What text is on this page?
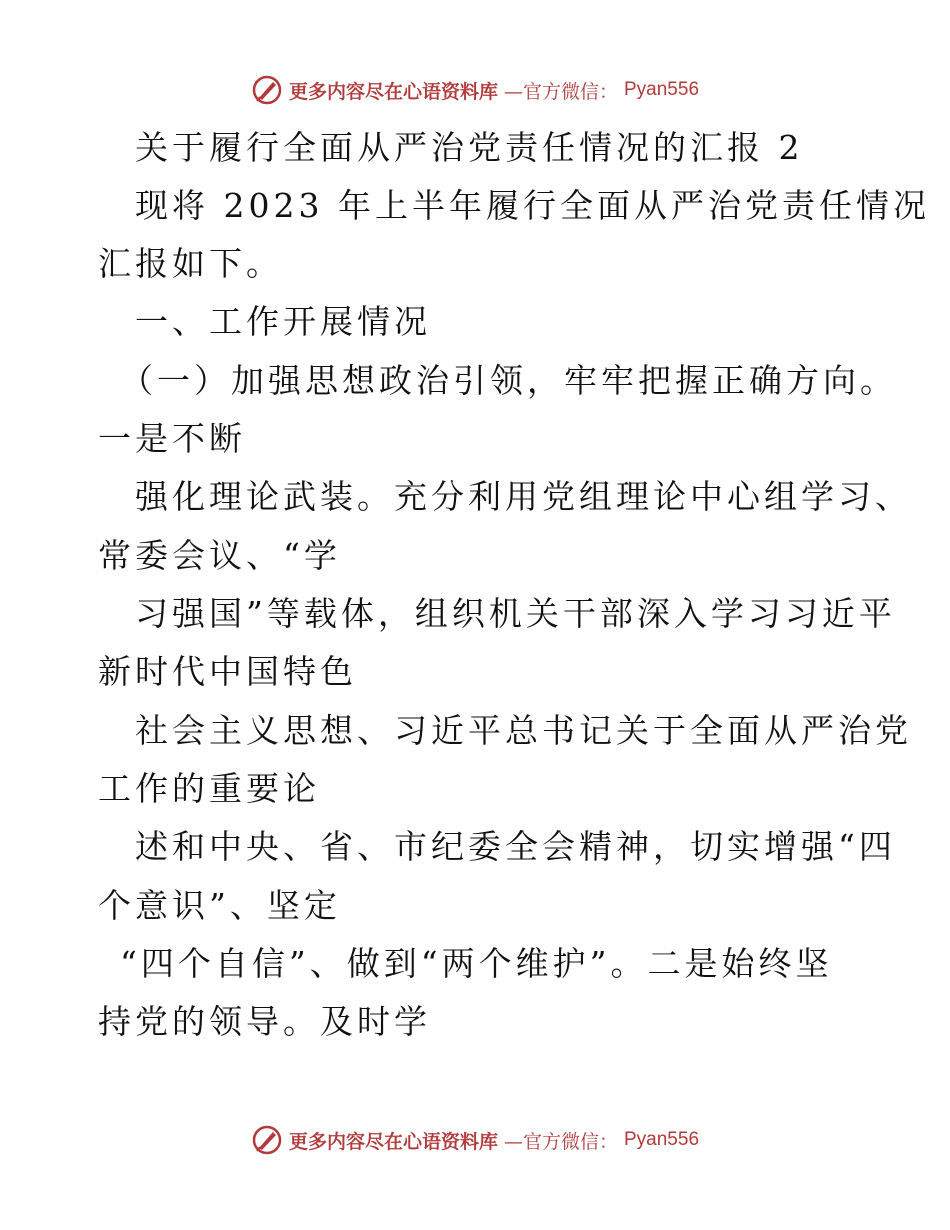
更多内容尽在心语资料库 —官方微信： Pyan556
关于履行全面从严治党责任情况的汇报 2
现将 2023 年上半年履行全面从严治党责任情况
汇报如下。
一、工作开展情况
（一）加强思想政治引领，牢牢把握正确方向。
一是不断
强化理论武装。充分利用党组理论中心组学习、
常委会议、“学
习强国”等载体，组织机关干部深入学习习近平
新时代中国特色
社会主义思想、习近平总书记关于全面从严治党
工作的重要论
述和中央、省、市纪委全会精神，切实增强“四
个意识”、坚定
“四个自信”、做到“两个维护”。二是始终坚
持党的领导。及时学
更多内容尽在心语资料库 —官方微信： Pyan556
